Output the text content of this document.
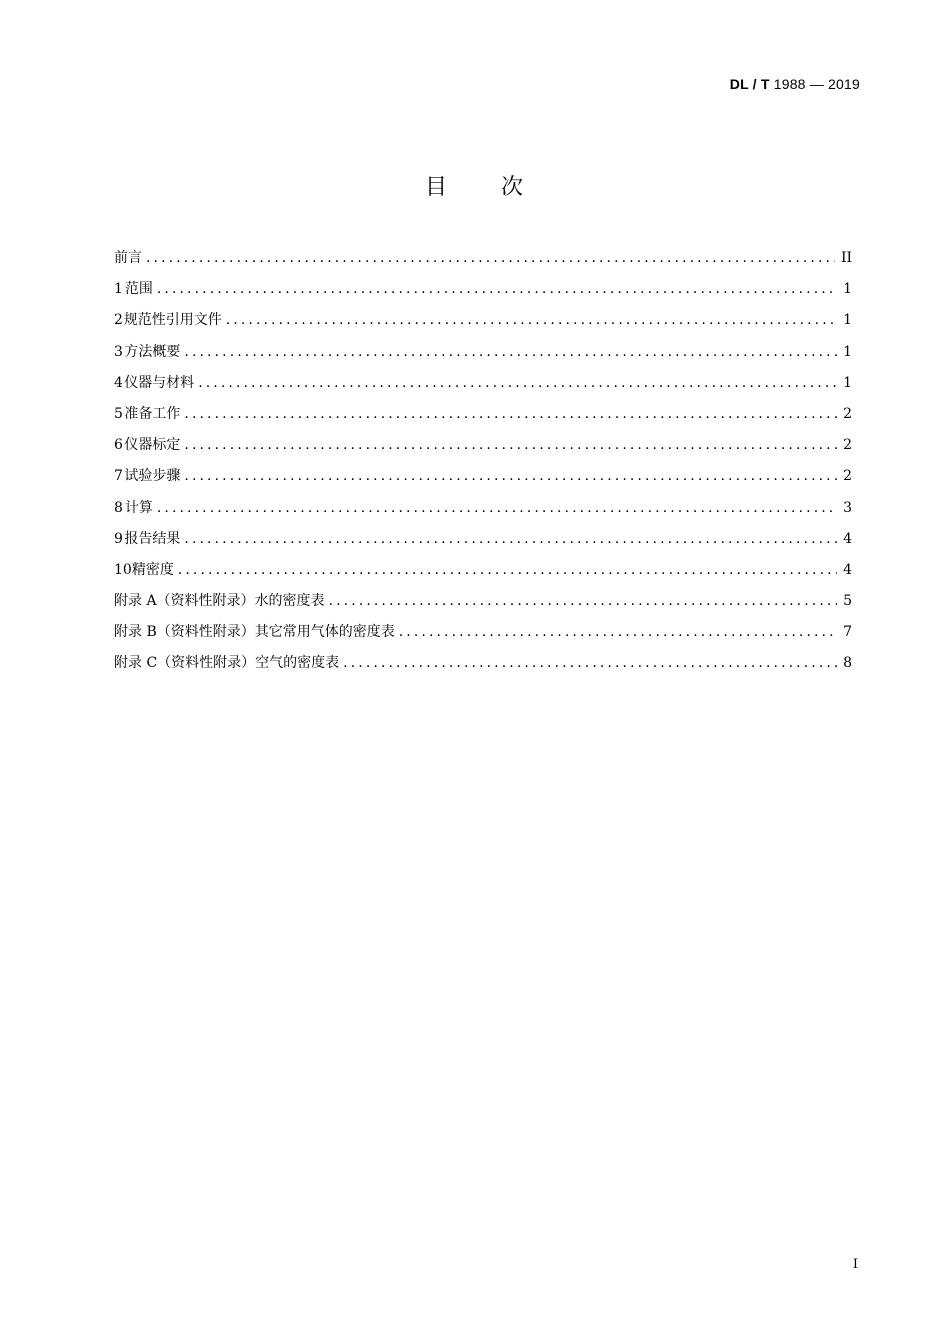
DL / T 1988 — 2019
目 次
前言 .....	II
1 范围 .....	1
2 规范性引用文件 .....	1
3 方法概要 .....	1
4 仪器与材料 .....	1
5 准备工作 .....	2
6 仪器标定 .....	2
7 试验步骤 .....	2
8 计算 .....	3
9 报告结果 .....	4
10 精密度 .....	4
附录 A（资料性附录）水的密度表 .....	5
附录 B（资料性附录）其它常用气体的密度表 .....	7
附录 C（资料性附录）空气的密度表 .....	8
I
